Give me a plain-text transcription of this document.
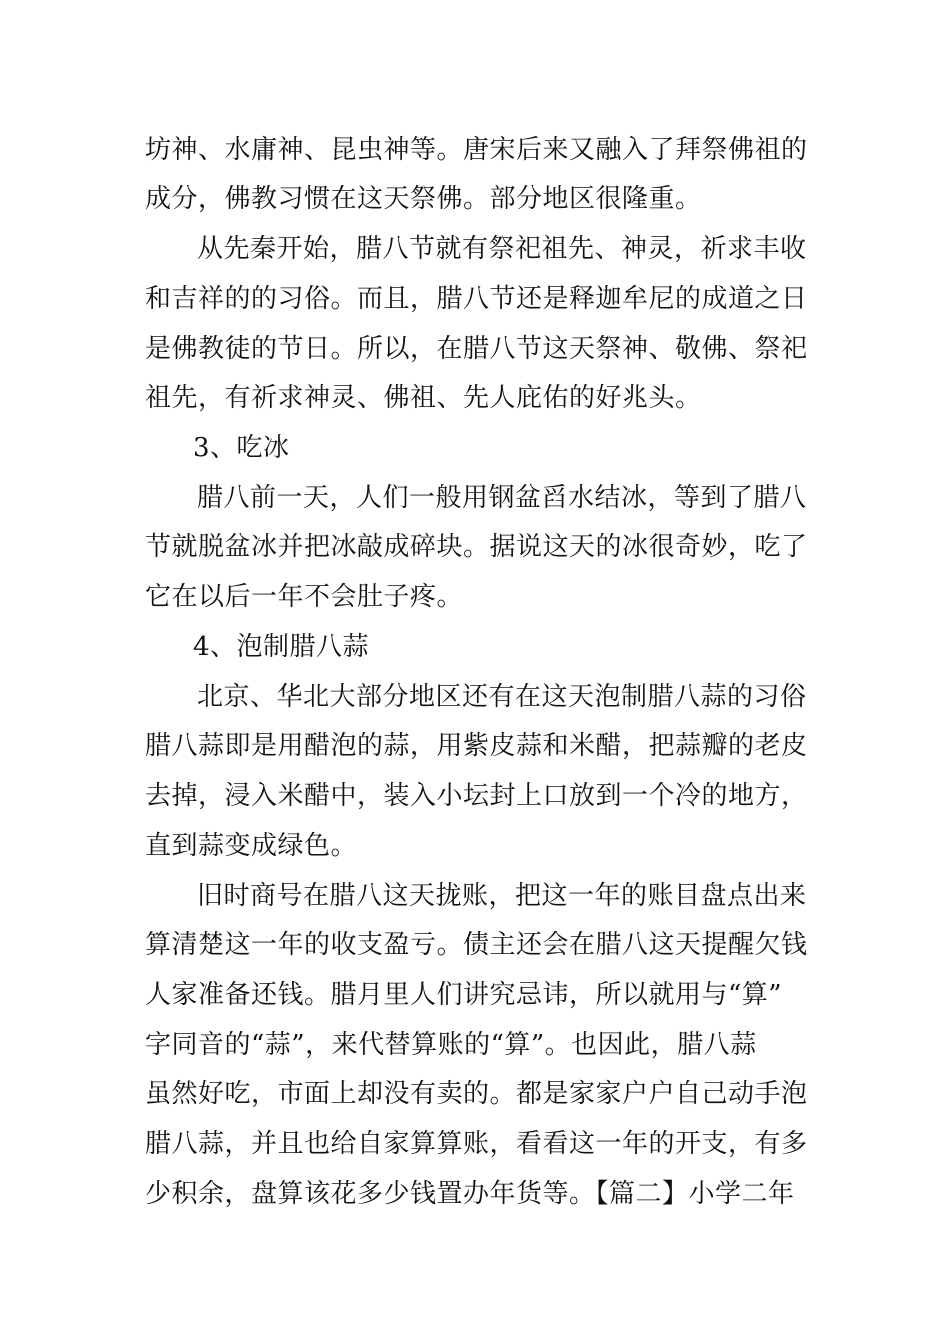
坊神、水庸神、昆虫神等。唐宋后来又融入了拜祭佛祖的
成分，佛教习惯在这天祭佛。部分地区很隆重。
从先秦开始，腊八节就有祭祀祖先、神灵，祈求丰收
和吉祥的的习俗。而且，腊八节还是释迦牟尼的成道之日
是佛教徒的节日。所以，在腊八节这天祭神、敬佛、祭祀
祖先，有祈求神灵、佛祖、先人庇佑的好兆头。
3、吃冰
腊八前一天，人们一般用钢盆舀水结冰，等到了腊八
节就脱盆冰并把冰敲成碎块。据说这天的冰很奇妙，吃了
它在以后一年不会肚子疼。
4、泡制腊八蒜
北京、华北大部分地区还有在这天泡制腊八蒜的习俗
腊八蒜即是用醋泡的蒜，用紫皮蒜和米醋，把蒜瓣的老皮
去掉，浸入米醋中，装入小坛封上口放到一个冷的地方，
直到蒜变成绿色。
旧时商号在腊八这天拢账，把这一年的账目盘点出来
算清楚这一年的收支盈亏。债主还会在腊八这天提醒欠钱
人家准备还钱。腊月里人们讲究忌讳，所以就用与“算”
字同音的“蒜”，来代替算账的“算”。也因此，腊八蒜
虽然好吃，市面上却没有卖的。都是家家户户自己动手泡
腊八蒜，并且也给自家算算账，看看这一年的开支，有多
少积余，盘算该花多少钱置办年货等。【篇二】小学二年
